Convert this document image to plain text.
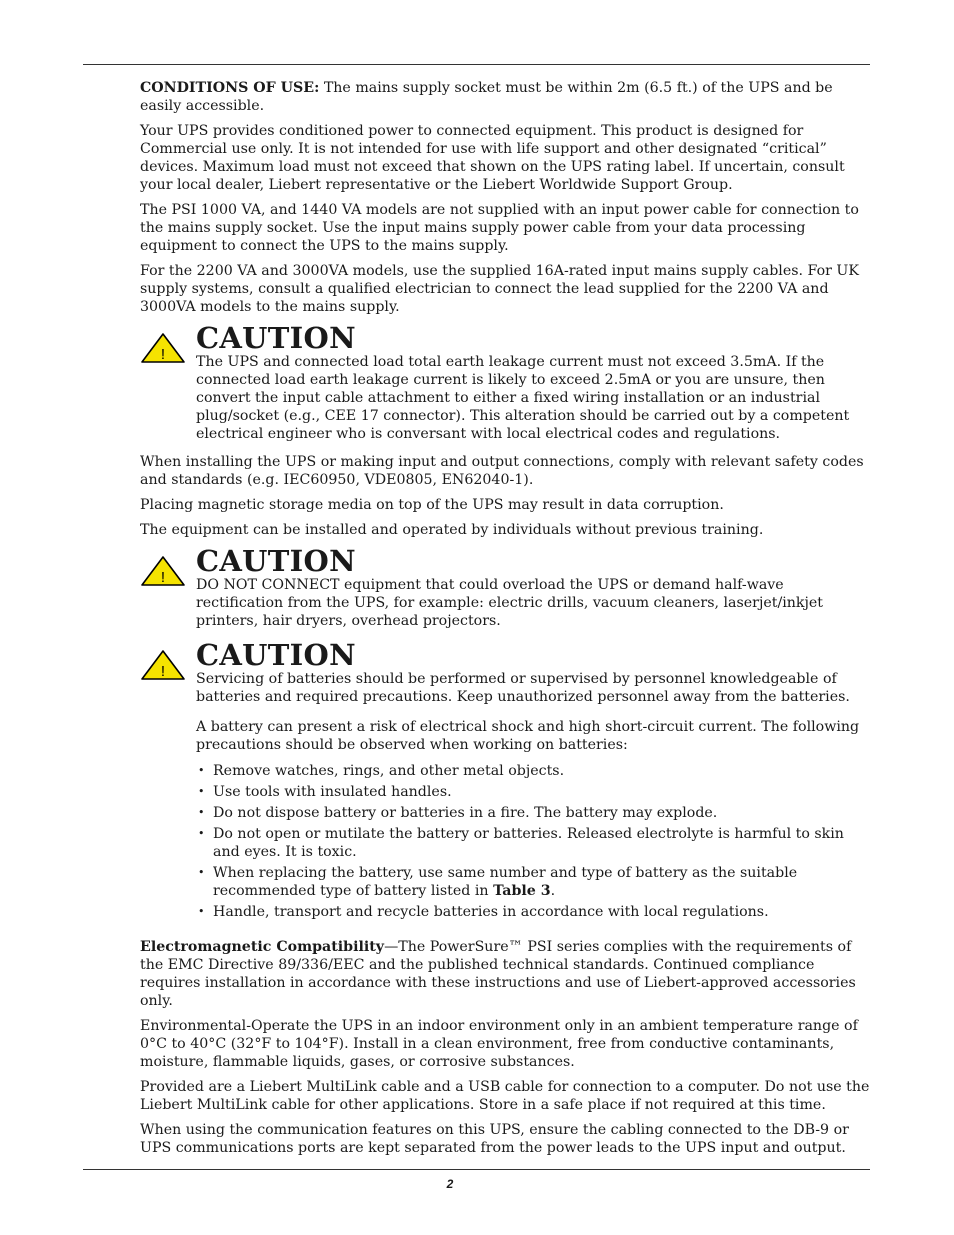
CONDITIONS OF USE: The mains supply socket must be within 2m (6.5 ft.) of the UPS and be easily accessible.

Your UPS provides conditioned power to connected equipment. This product is designed for Commercial use only. It is not intended for use with life support and other designated “critical” devices. Maximum load must not exceed that shown on the UPS rating label. If uncertain, consult your local dealer, Liebert representative or the Liebert Worldwide Support Group.

The PSI 1000 VA, and 1440 VA models are not supplied with an input power cable for connection to the mains supply socket. Use the input mains supply power cable from your data processing equipment to connect the UPS to the mains supply.

For the 2200 VA and 3000VA models, use the supplied 16A-rated input mains supply cables. For UK supply systems, consult a qualified electrician to connect the lead supplied for the 2200 VA and 3000VA models to the mains supply.

! CAUTION

The UPS and connected load total earth leakage current must not exceed 3.5mA. If the connected load earth leakage current is likely to exceed 2.5mA or you are unsure, then convert the input cable attachment to either a fixed wiring installation or an industrial plug/socket (e.g., CEE 17 connector). This alteration should be carried out by a competent electrical engineer who is conversant with local electrical codes and regulations.

When installing the UPS or making input and output connections, comply with relevant safety codes and standards (e.g. IEC60950, VDE0805, EN62040-1).

Placing magnetic storage media on top of the UPS may result in data corruption.

The equipment can be installed and operated by individuals without previous training.

! CAUTION

DO NOT CONNECT equipment that could overload the UPS or demand half-wave rectification from the UPS, for example: electric drills, vacuum cleaners, laserjet/inkjet printers, hair dryers, overhead projectors.

! CAUTION

Servicing of batteries should be performed or supervised by personnel knowledgeable of batteries and required precautions. Keep unauthorized personnel away from the batteries.

A battery can present a risk of electrical shock and high short-circuit current. The following precautions should be observed when working on batteries:

• Remove watches, rings, and other metal objects.
• Use tools with insulated handles.
• Do not dispose battery or batteries in a fire. The battery may explode.
• Do not open or mutilate the battery or batteries. Released electrolyte is harmful to skin and eyes. It is toxic.
• When replacing the battery, use same number and type of battery as the suitable recommended type of battery listed in Table 3.
• Handle, transport and recycle batteries in accordance with local regulations.

Electromagnetic Compatibility—The PowerSure™ PSI series complies with the requirements of the EMC Directive 89/336/EEC and the published technical standards. Continued compliance requires installation in accordance with these instructions and use of Liebert-approved accessories only.

Environmental-Operate the UPS in an indoor environment only in an ambient temperature range of 0°C to 40°C (32°F to 104°F). Install in a clean environment, free from conductive contaminants, moisture, flammable liquids, gases, or corrosive substances.

Provided are a Liebert MultiLink cable and a USB cable for connection to a computer. Do not use the Liebert MultiLink cable for other applications. Store in a safe place if not required at this time.

When using the communication features on this UPS, ensure the cabling connected to the DB-9 or UPS communications ports are kept separated from the power leads to the UPS input and output.

2
